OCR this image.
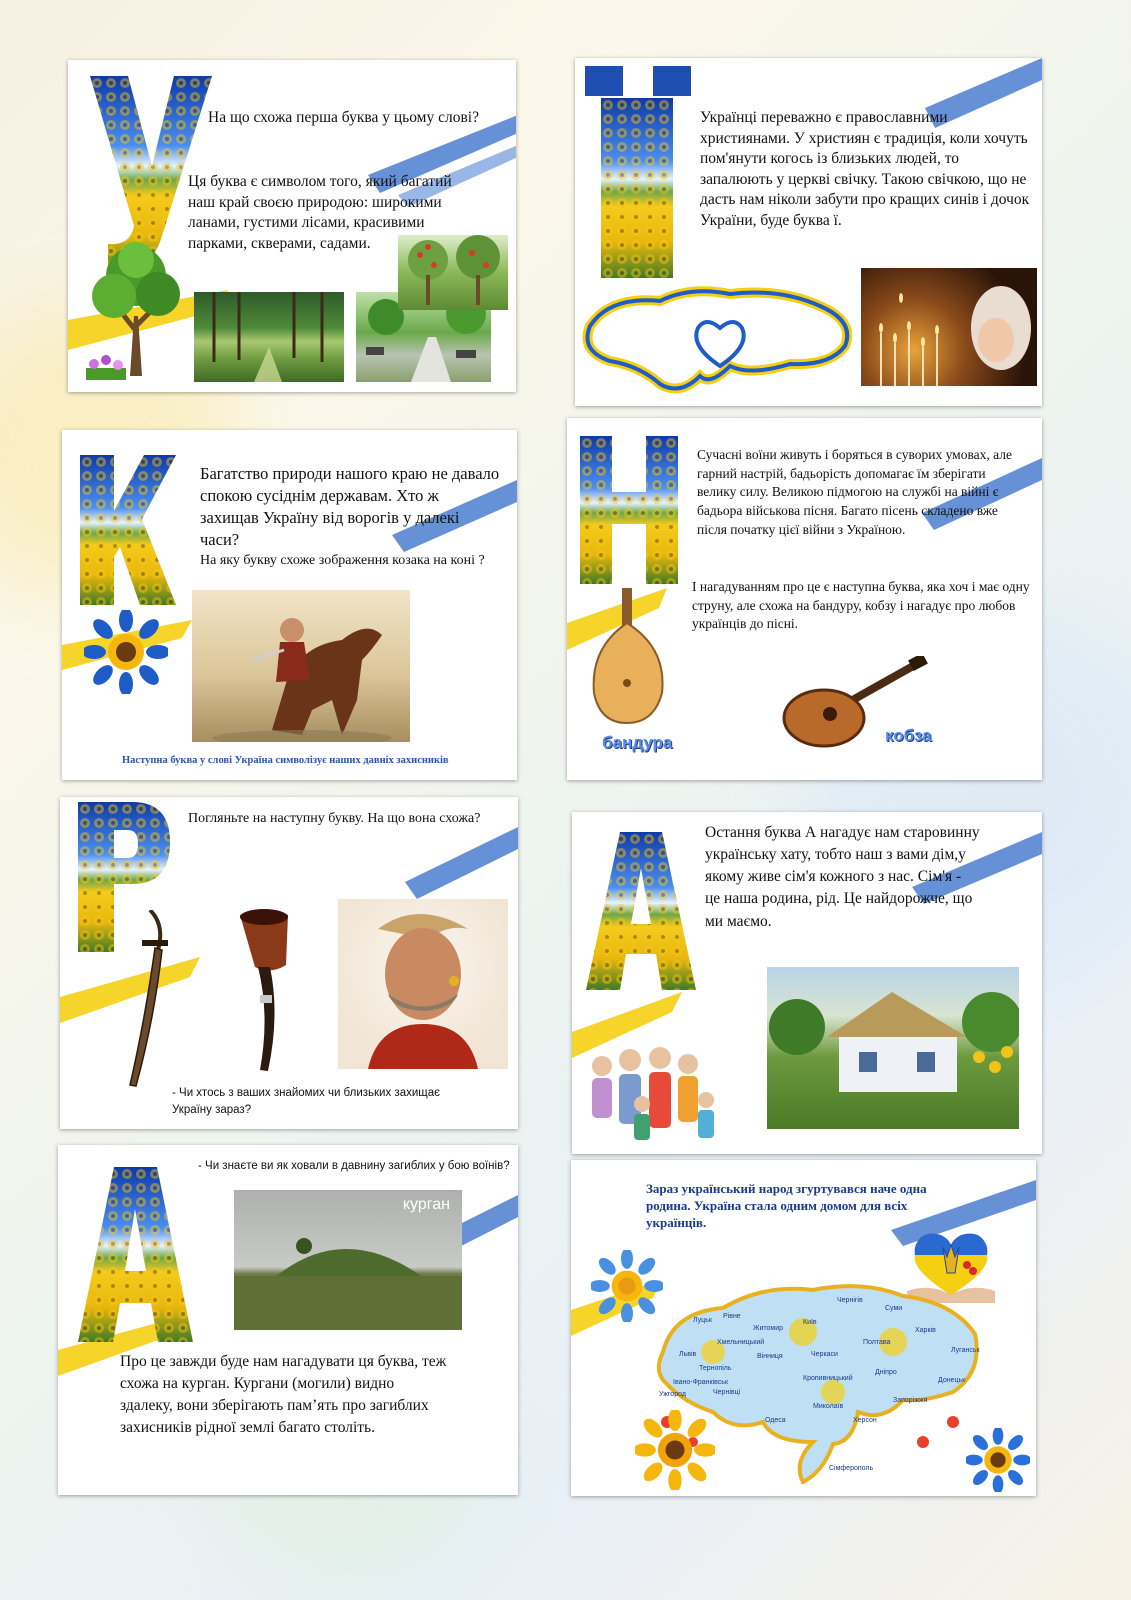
На що схожа перша буква у цьому слові?
Ця буква є символом того, який багатий наш край своєю природою: широкими ланами, густими лісами, красивими парками, скверами, садами.
Українці переважно є православними християнами. У християн є традиція, коли хочуть пом'янути когось із близьких людей, то запалюють у церкві свічку. Такою свічкою, що не дасть нам ніколи забути про кращих синів і дочок України, буде буква ї.
Багатство природи нашого краю не давало спокою сусіднім державам. Хто ж захищав Україну від ворогів у далекі часи?
На яку букву схоже зображення козака на коні ?
Наступна буква у слові Україна символізує наших давніх захисників
Сучасні воїни живуть і боряться в суворих умовах, але гарний настрій, бадьорість допомагає їм зберігати велику силу. Великою підмогою на службі на війні є бадьора військова пісня. Багато пісень складено вже після початку цієї війни з Україною.
І нагадуванням про це є наступна буква, яка хоч і має одну струну, але схожа на бандуру, кобзу і нагадує про любов українців до пісні.
бандура	кобза
Погляньте на наступну букву. На що вона схожа?
- Чи хтось з ваших знайомих чи близьких захищає Україну зараз?
Остання буква А нагадує нам старовинну українську хату, тобто наш з вами дім,у якому живе сім'я кожного з нас. Сім'я - це наша родина, рід. Це найдорожче, що ми маємо.
- Чи знаєте ви як ховали в давнину загиблих у бою воїнів?
курган
Про це завжди буде нам нагадувати ця буква, теж схожа на курган. Кургани (могили) видно здалеку, вони зберігають пам’ять про загиблих захисників рідної землі багато століть.
Зараз український народ згуртувався наче одна родина. Україна стала одним домом для всіх українців.
Київ
Житомир
Вінниця	Черкаси
Полтава
Харків
Дніпро
Донецьк
Луганськ
Одеса
Миколаїв
Херсон
Запоріжжя
Львів
Луцьк
Рівне
Хмельницький
Тернопіль
Івано-Франківськ
Ужгород	Чернівці
Суми
Чернігів
Кропивницький
Сімферополь
